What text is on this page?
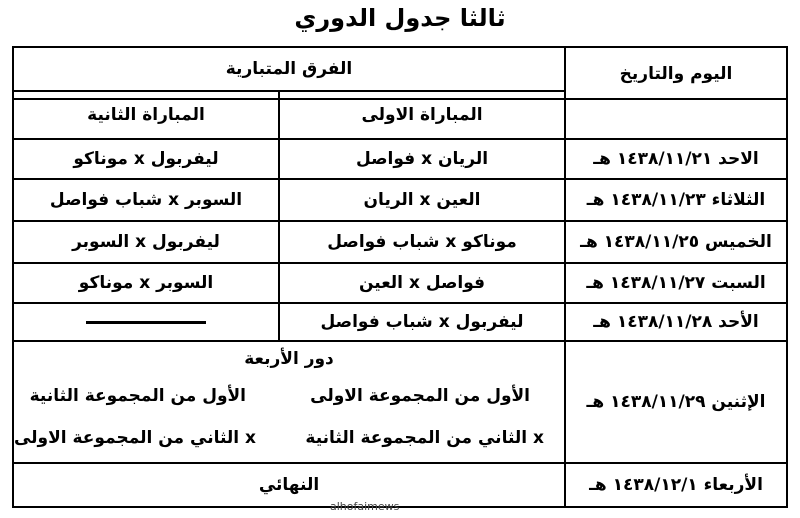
ثالثا جدول الدوري
اليوم والتاريخ
الفرق المتبارية
المباراة الاولى
المباراة الثانية
الاحد ١٤٣٨/١١/٢١ هـ
الريان x فواصل
ليفربول x موناكو
الثلاثاء ١٤٣٨/١١/٢٣ هـ
العين x الريان
السوبر x شباب فواصل
الخميس ١٤٣٨/١١/٢٥ هـ
موناكو x شباب فواصل
ليفربول x السوبر
السبت ١٤٣٨/١١/٢٧ هـ
فواصل x العين
السوبر x موناكو
الأحد ١٤٣٨/١١/٢٨ هـ
ليفربول x شباب فواصل
الإثنين ١٤٣٨/١١/٢٩ هـ
دور الأربعة
الأول من المجموعة الاولى
x الثاني من المجموعة الثانية
الأول من المجموعة الثانية
x الثاني من المجموعة الاولى
الأربعاء ١٤٣٨/١٢/١ هـ
النهائي
alhofaimews
